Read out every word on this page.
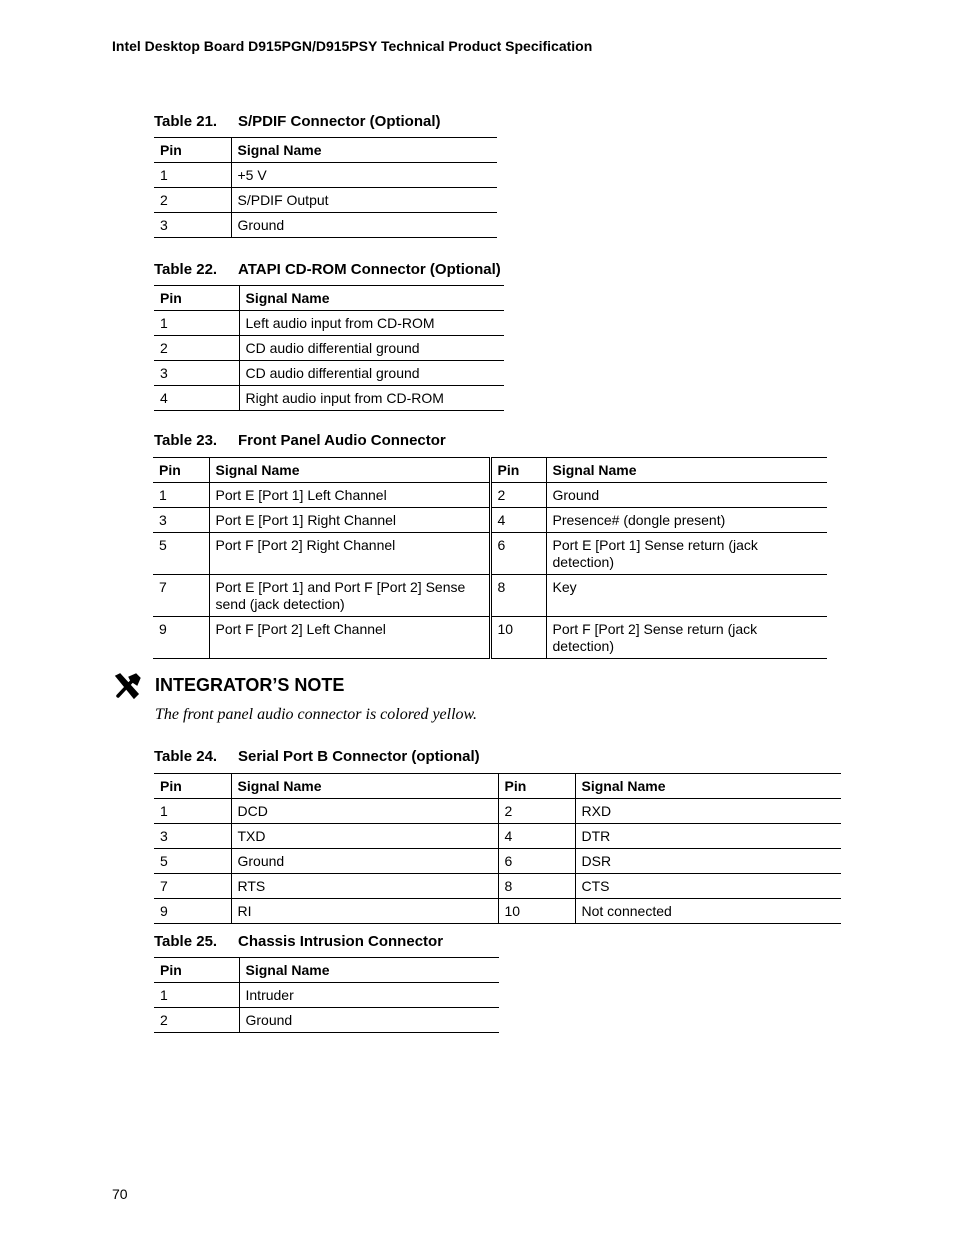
Intel Desktop Board D915PGN/D915PSY Technical Product Specification
Table 21. S/PDIF Connector (Optional)
Pin	Signal Name
1	+5 V
2	S/PDIF Output
3	Ground
Table 22. ATAPI CD-ROM Connector (Optional)
Pin	Signal Name
1	Left audio input from CD-ROM
2	CD audio differential ground
3	CD audio differential ground
4	Right audio input from CD-ROM
Table 23. Front Panel Audio Connector
Pin	Signal Name	Pin	Signal Name
1	Port E [Port 1] Left Channel	2	Ground
3	Port E [Port 1] Right Channel	4	Presence# (dongle present)
5	Port F [Port 2] Right Channel	6	Port E [Port 1] Sense return (jack detection)
7	Port E [Port 1] and Port F [Port 2] Sense send (jack detection)	8	Key
9	Port F [Port 2] Left Channel	10	Port F [Port 2] Sense return (jack detection)
INTEGRATOR’S NOTE
The front panel audio connector is colored yellow.
Table 24. Serial Port B Connector (optional)
Pin	Signal Name	Pin	Signal Name
1	DCD	2	RXD
3	TXD	4	DTR
5	Ground	6	DSR
7	RTS	8	CTS
9	RI	10	Not connected
Table 25. Chassis Intrusion Connector
Pin	Signal Name
1	Intruder
2	Ground
70
